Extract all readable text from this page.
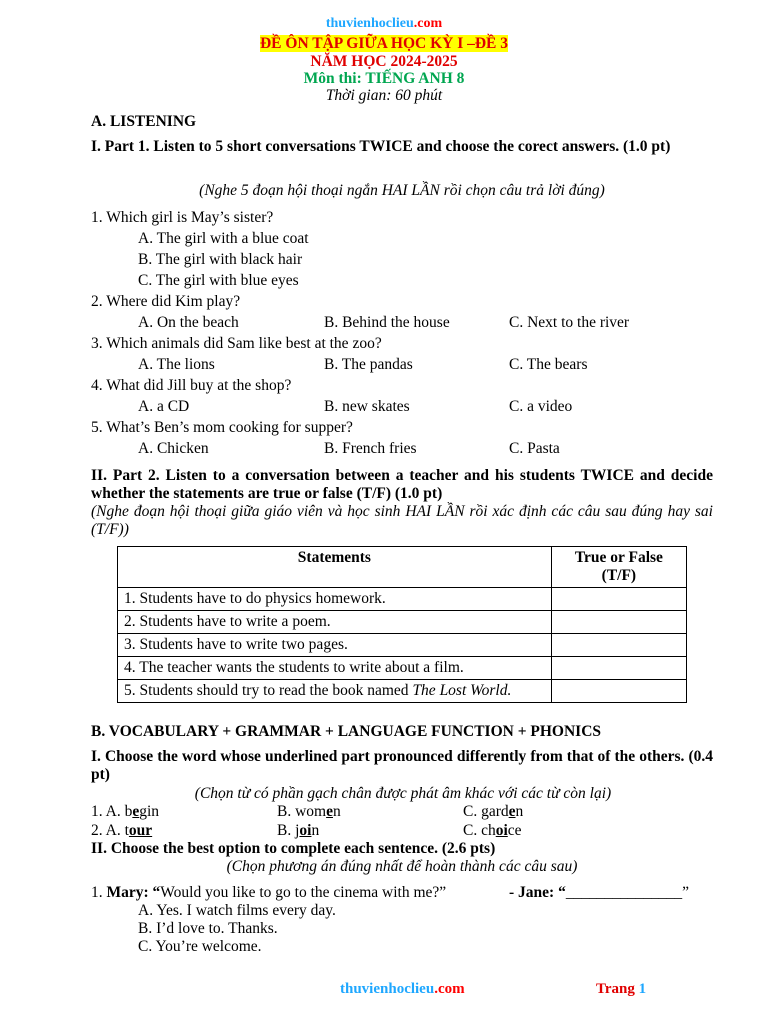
thuvienhoclieu.com
ĐỀ ÔN TẬP GIỮA HỌC KỲ I –ĐỀ 3
NĂM HỌC 2024-2025
Môn thi: TIẾNG ANH 8
Thời gian: 60 phút
A. LISTENING
I. Part 1. Listen to 5 short conversations TWICE and choose the corect answers. (1.0 pt)
(Nghe 5 đoạn hội thoại ngắn HAI LẦN rồi chọn câu trả lời đúng)
1. Which girl is May’s sister?
A. The girl with a blue coat
B. The girl with black hair
C. The girl with blue eyes
2. Where did Kim play?
A. On the beach	B. Behind the house	C. Next to the river
3. Which animals did Sam like best at the zoo?
A. The lions	B. The pandas	C. The bears
4. What did Jill buy at the shop?
A. a CD	B. new skates	C. a video
5. What’s Ben’s mom cooking for supper?
A. Chicken	B. French fries	C. Pasta
II. Part 2. Listen to a conversation between a teacher and his students TWICE and decide whether the statements are true or false (T/F) (1.0 pt)
(Nghe đoạn hội thoại giữa giáo viên và học sinh HAI LẦN rồi xác định các câu sau đúng hay sai (T/F))
Statements	True or False (T/F)
1. Students have to do physics homework.	
2. Students have to write a poem.	
3. Students have to write two pages.	
4. The teacher wants the students to write about a film.	
5. Students should try to read the book named The Lost World.	
B. VOCABULARY + GRAMMAR + LANGUAGE FUNCTION + PHONICS
I. Choose the word whose underlined part pronounced differently from that of the others. (0.4 pt)
(Chọn từ có phần gạch chân được phát âm khác với các từ còn lại)
1. A. begin	B. women	C. garden
2. A. tour	B. join	C. choice
II. Choose the best option to complete each sentence. (2.6 pts)
(Chọn phương án đúng nhất để hoàn thành các câu sau)
1. Mary: “Would you like to go to the cinema with me?”	- Jane: “_______________”
A. Yes. I watch films every day.
B. I’d love to. Thanks.
C. You’re welcome.
thuvienhoclieu.com	Trang 1
